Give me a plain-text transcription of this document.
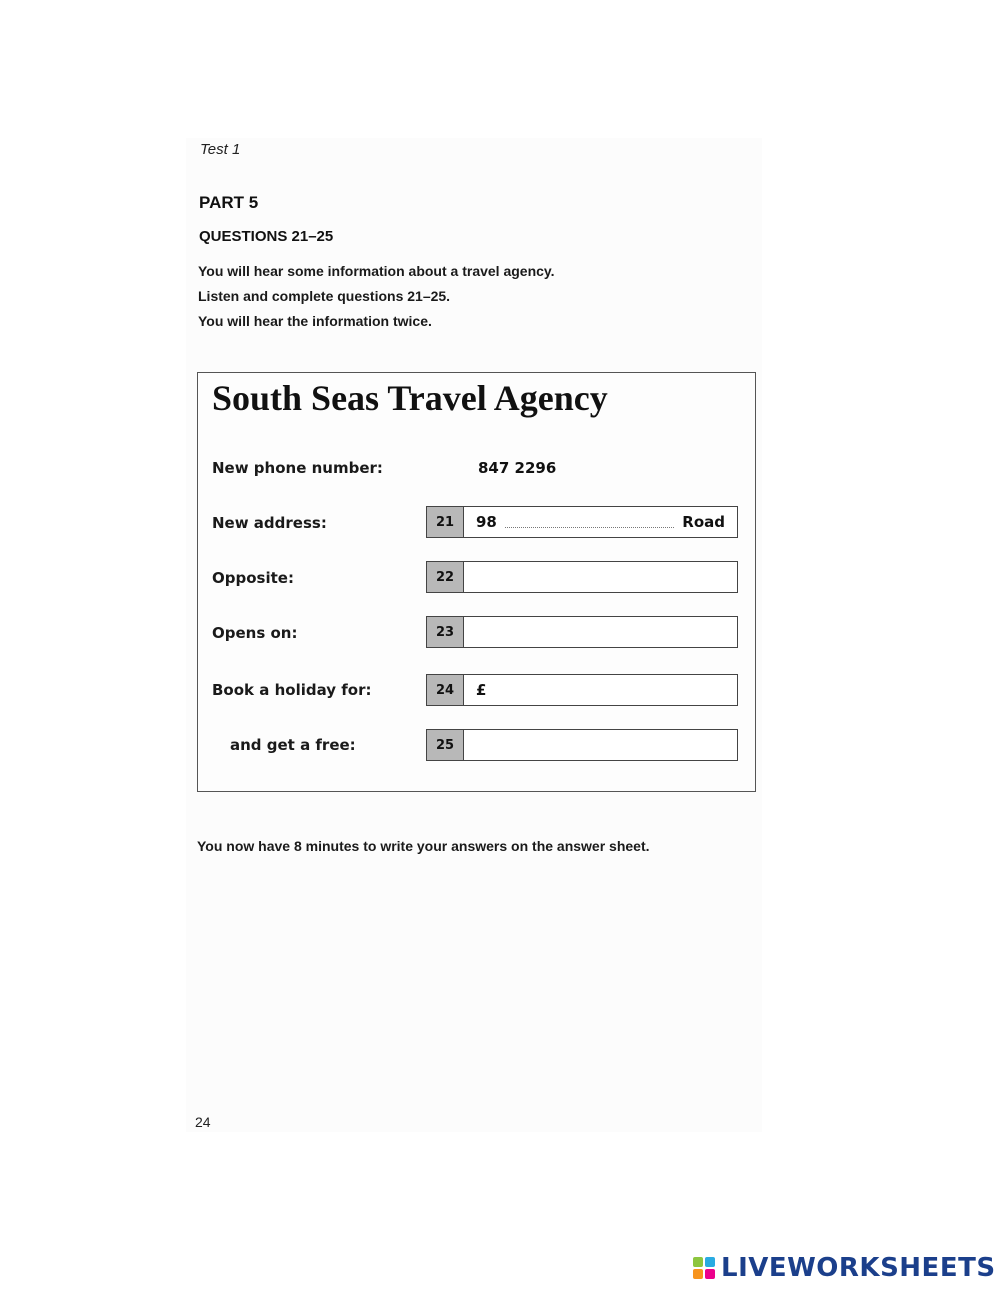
Test 1
PART 5
QUESTIONS 21–25
You will hear some information about a travel agency.
Listen and complete questions 21–25.
You will hear the information twice.
South Seas Travel Agency
New phone number:	847 2296
New address:	21	98	Road
Opposite:	22
Opens on:	23
Book a holiday for:	24	£
and get a free:	25
You now have 8 minutes to write your answers on the answer sheet.
24
LIVEWORKSHEETS
